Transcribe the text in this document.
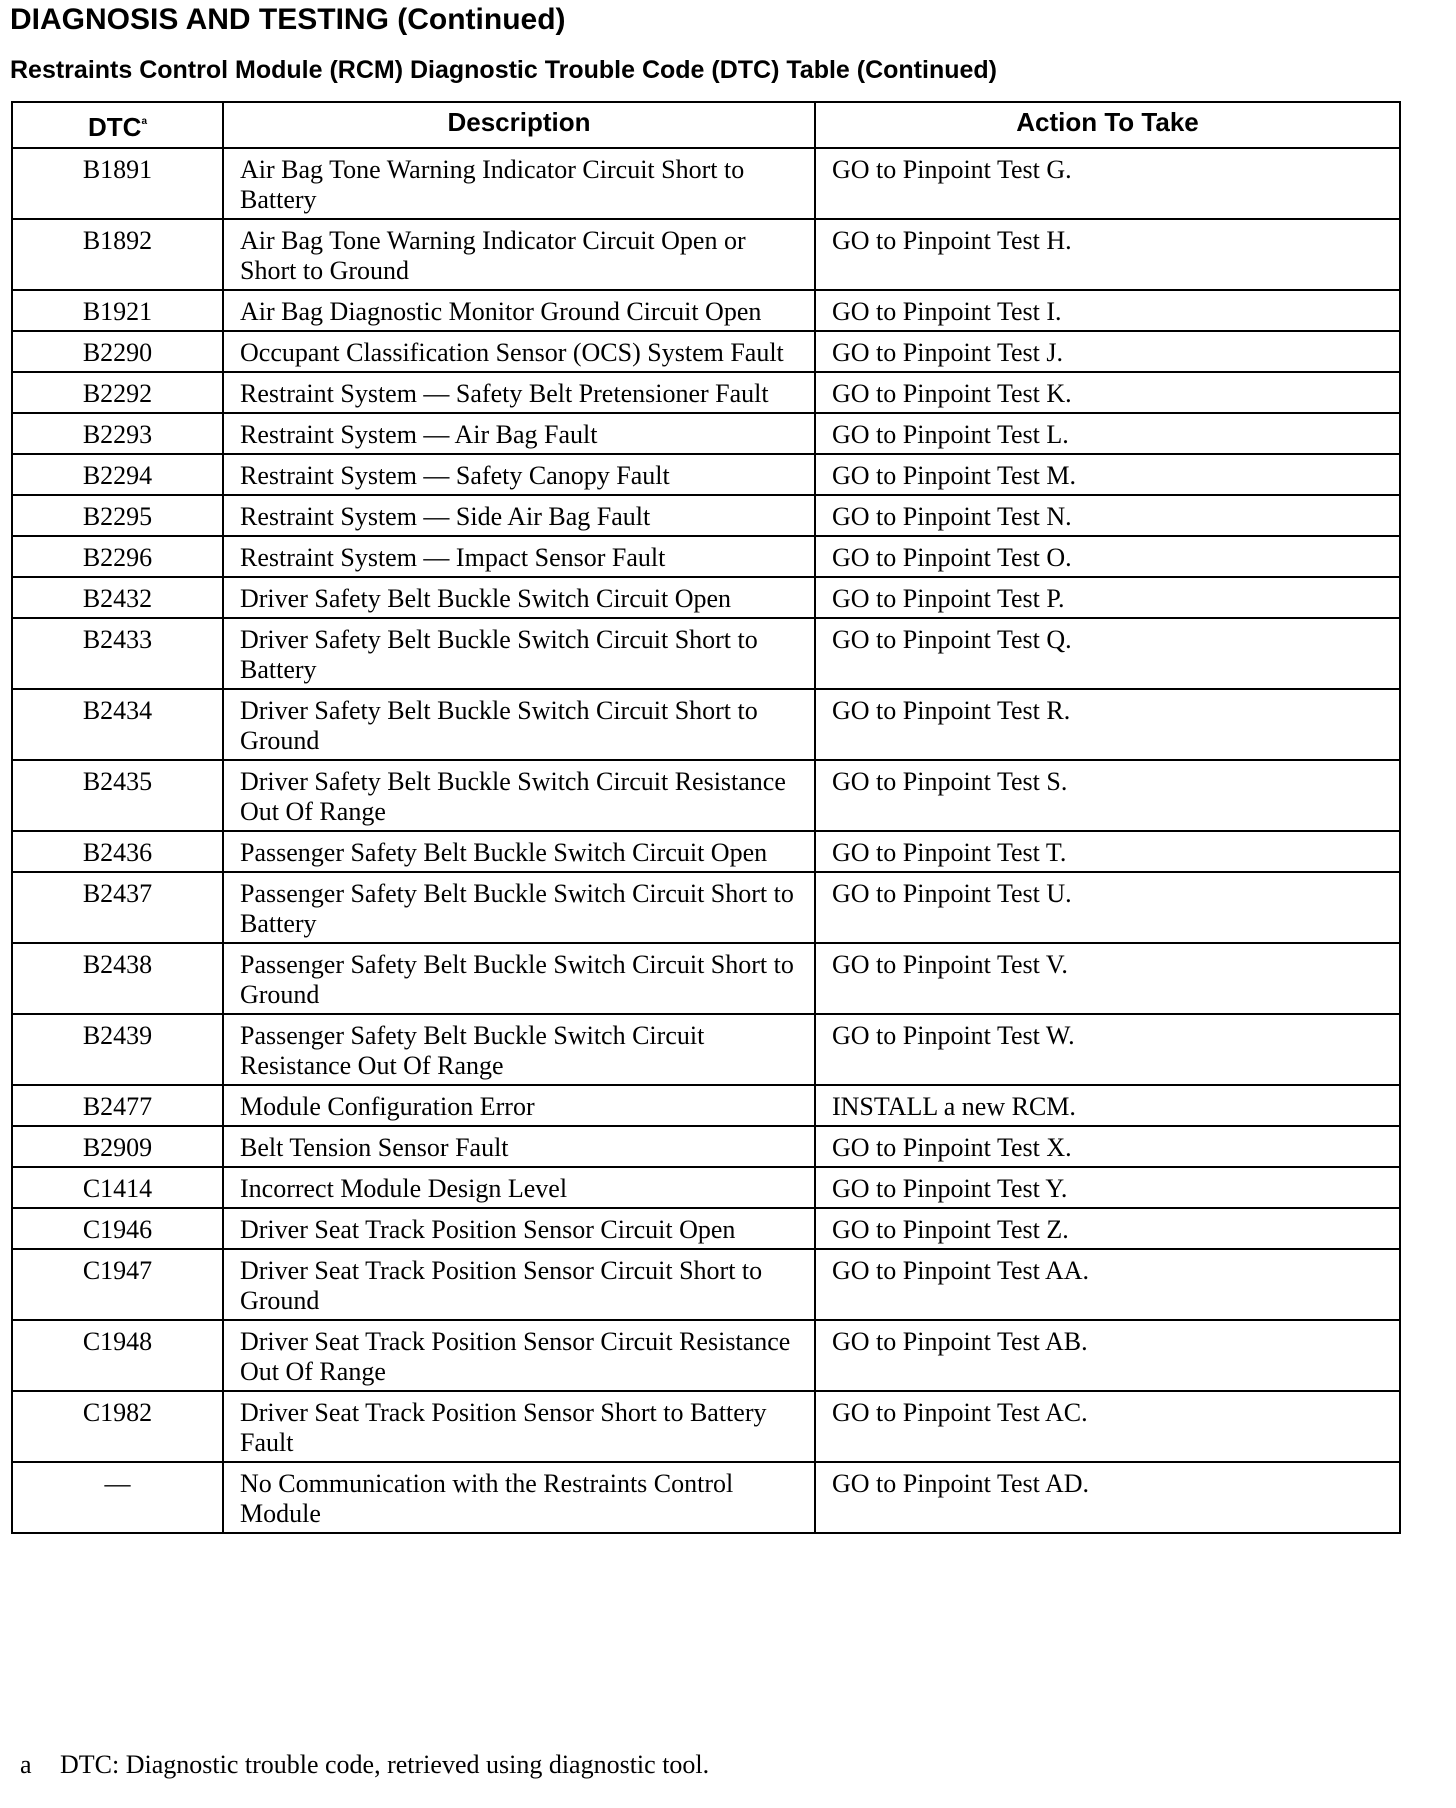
DIAGNOSIS AND TESTING (Continued)
Restraints Control Module (RCM) Diagnostic Trouble Code (DTC) Table (Continued)
DTC$^a$	Description	Action To Take
B1891	Air Bag Tone Warning Indicator Circuit Short to Battery	GO to Pinpoint Test G.
B1892	Air Bag Tone Warning Indicator Circuit Open or Short to Ground	GO to Pinpoint Test H.
B1921	Air Bag Diagnostic Monitor Ground Circuit Open	GO to Pinpoint Test I.
B2290	Occupant Classification Sensor (OCS) System Fault	GO to Pinpoint Test J.
B2292	Restraint System — Safety Belt Pretensioner Fault	GO to Pinpoint Test K.
B2293	Restraint System — Air Bag Fault	GO to Pinpoint Test L.
B2294	Restraint System — Safety Canopy Fault	GO to Pinpoint Test M.
B2295	Restraint System — Side Air Bag Fault	GO to Pinpoint Test N.
B2296	Restraint System — Impact Sensor Fault	GO to Pinpoint Test O.
B2432	Driver Safety Belt Buckle Switch Circuit Open	GO to Pinpoint Test P.
B2433	Driver Safety Belt Buckle Switch Circuit Short to Battery	GO to Pinpoint Test Q.
B2434	Driver Safety Belt Buckle Switch Circuit Short to Ground	GO to Pinpoint Test R.
B2435	Driver Safety Belt Buckle Switch Circuit Resistance Out Of Range	GO to Pinpoint Test S.
B2436	Passenger Safety Belt Buckle Switch Circuit Open	GO to Pinpoint Test T.
B2437	Passenger Safety Belt Buckle Switch Circuit Short to Battery	GO to Pinpoint Test U.
B2438	Passenger Safety Belt Buckle Switch Circuit Short to Ground	GO to Pinpoint Test V.
B2439	Passenger Safety Belt Buckle Switch Circuit Resistance Out Of Range	GO to Pinpoint Test W.
B2477	Module Configuration Error	INSTALL a new RCM.
B2909	Belt Tension Sensor Fault	GO to Pinpoint Test X.
C1414	Incorrect Module Design Level	GO to Pinpoint Test Y.
C1946	Driver Seat Track Position Sensor Circuit Open	GO to Pinpoint Test Z.
C1947	Driver Seat Track Position Sensor Circuit Short to Ground	GO to Pinpoint Test AA.
C1948	Driver Seat Track Position Sensor Circuit Resistance Out Of Range	GO to Pinpoint Test AB.
C1982	Driver Seat Track Position Sensor Short to Battery Fault	GO to Pinpoint Test AC.
—	No Communication with the Restraints Control Module	GO to Pinpoint Test AD.

a DTC: Diagnostic trouble code, retrieved using diagnostic tool.
